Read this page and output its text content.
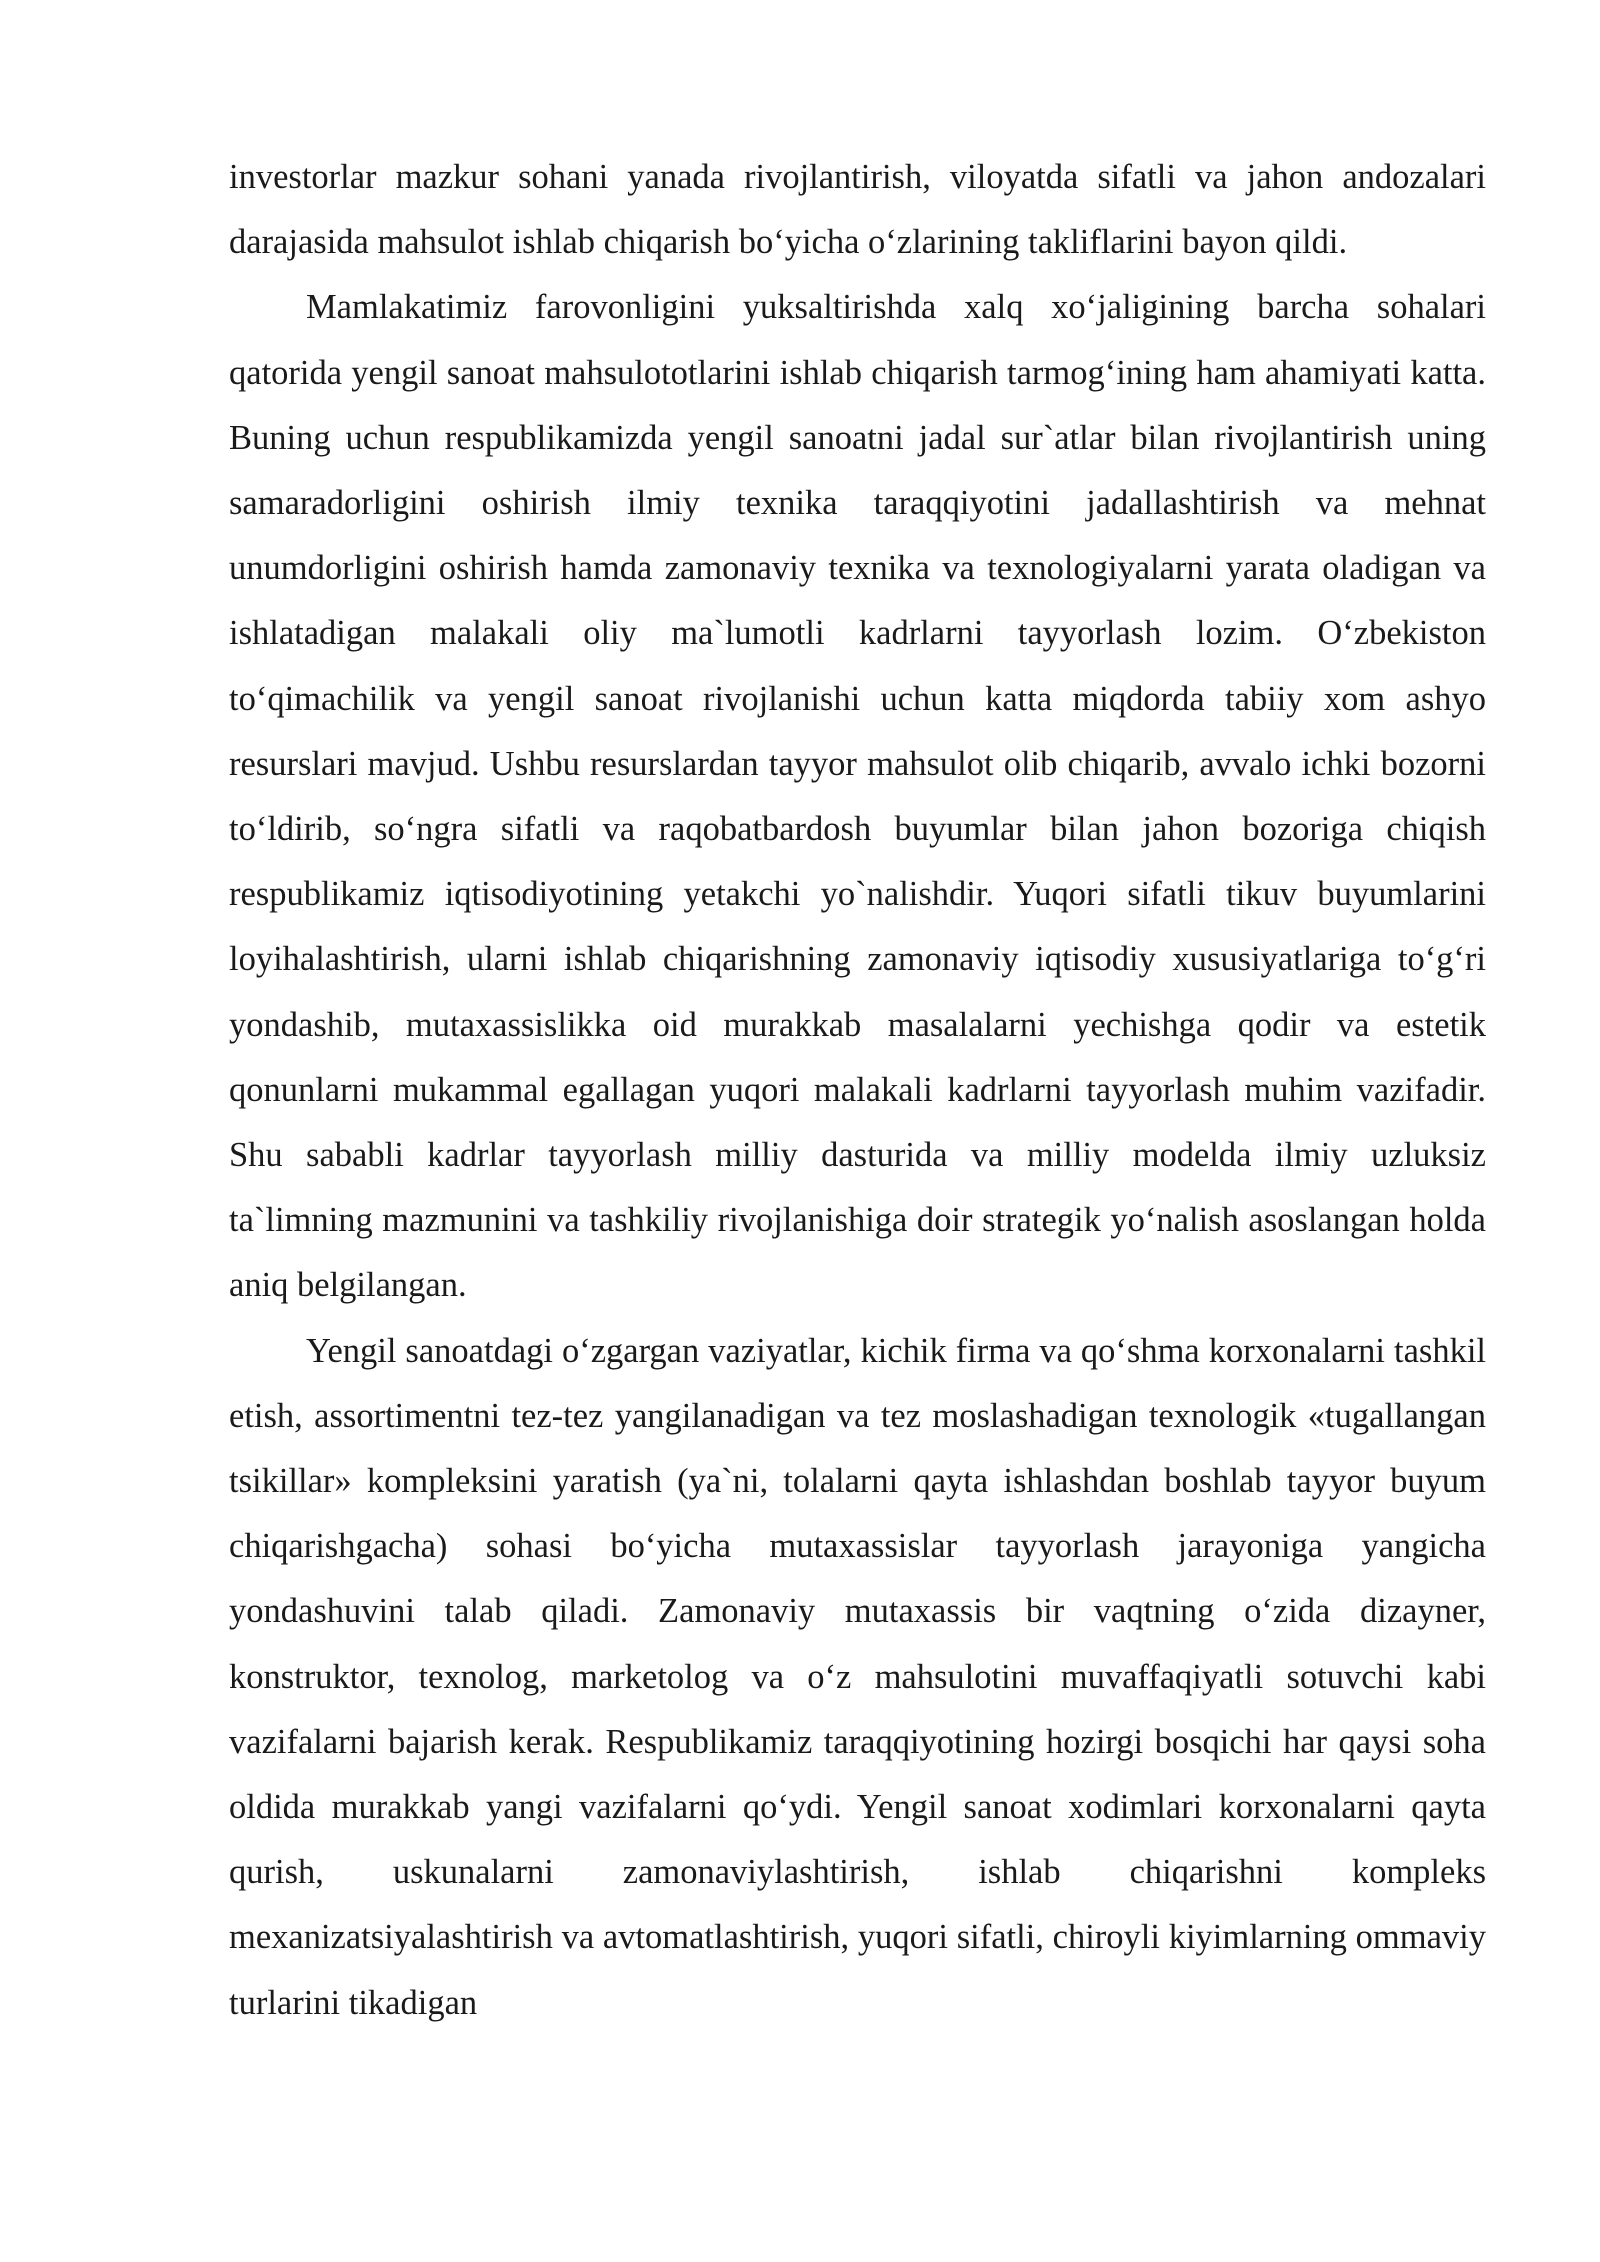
investorlar mazkur sohani yanada rivojlantirish, viloyatda sifatli va jahon andozalari darajasida mahsulot ishlab chiqarish bo‘yicha o‘zlarining takliflarini bayon qildi.

Mamlakatimiz farovonligini yuksaltirishda xalq xo‘jaligining barcha sohalari qatorida yengil sanoat mahsulototlarini ishlab chiqarish tarmog‘ining ham ahamiyati katta. Buning uchun respublikamizda yengil sanoatni jadal sur`atlar bilan rivojlantirish uning samaradorligini oshirish ilmiy texnika taraqqiyotini jadallashtirish va mehnat unumdorligini oshirish hamda zamonaviy texnika va texnologiyalarni yarata oladigan va ishlatadigan malakali oliy ma`lumotli kadrlarni tayyorlash lozim. O‘zbekiston to‘qimachilik va yengil sanoat rivojlanishi uchun katta miqdorda tabiiy xom ashyo resurslari mavjud. Ushbu resurslardan tayyor mahsulot olib chiqarib, avvalo ichki bozorni to‘ldirib, so‘ngra sifatli va raqobatbardosh buyumlar bilan jahon bozoriga chiqish respublikamiz iqtisodiyotining yetakchi yo`nalishdir. Yuqori sifatli tikuv buyumlarini loyihalashtirish, ularni ishlab chiqarishning zamonaviy iqtisodiy xususiyatlariga to‘g‘ri yondashib, mutaxassislikka oid murakkab masalalarni yechishga qodir va estetik qonunlarni mukammal egallagan yuqori malakali kadrlarni tayyorlash muhim vazifadir. Shu sababli kadrlar tayyorlash milliy dasturida va milliy modelda ilmiy uzluksiz ta`limning mazmunini va tashkiliy rivojlanishiga doir strategik yo‘nalish asoslangan holda aniq belgilangan.

Yengil sanoatdagi o‘zgargan vaziyatlar, kichik firma va qo‘shma korxonalarni tashkil etish, assortimentni tez-tez yangilanadigan va tez moslashadigan texnologik «tugallangan tsikillar» kompleksini yaratish (ya`ni, tolalarni qayta ishlashdan boshlab tayyor buyum chiqarishgacha) sohasi bo‘yicha mutaxassislar tayyorlash jarayoniga yangicha yondashuvini talab qiladi. Zamonaviy mutaxassis bir vaqtning o‘zida dizayner, konstruktor, texnolog, marketolog va o‘z mahsulotini muvaffaqiyatli sotuvchi kabi vazifalarni bajarish kerak. Respublikamiz taraqqiyotining hozirgi bosqichi har qaysi soha oldida murakkab yangi vazifalarni qo‘ydi. Yengil sanoat xodimlari korxonalarni qayta qurish, uskunalarni zamonaviylashtirish, ishlab chiqarishni kompleks mexanizatsiyalashtirish va avtomatlashtirish, yuqori sifatli, chiroyli kiyimlarning ommaviy turlarini tikadigan
